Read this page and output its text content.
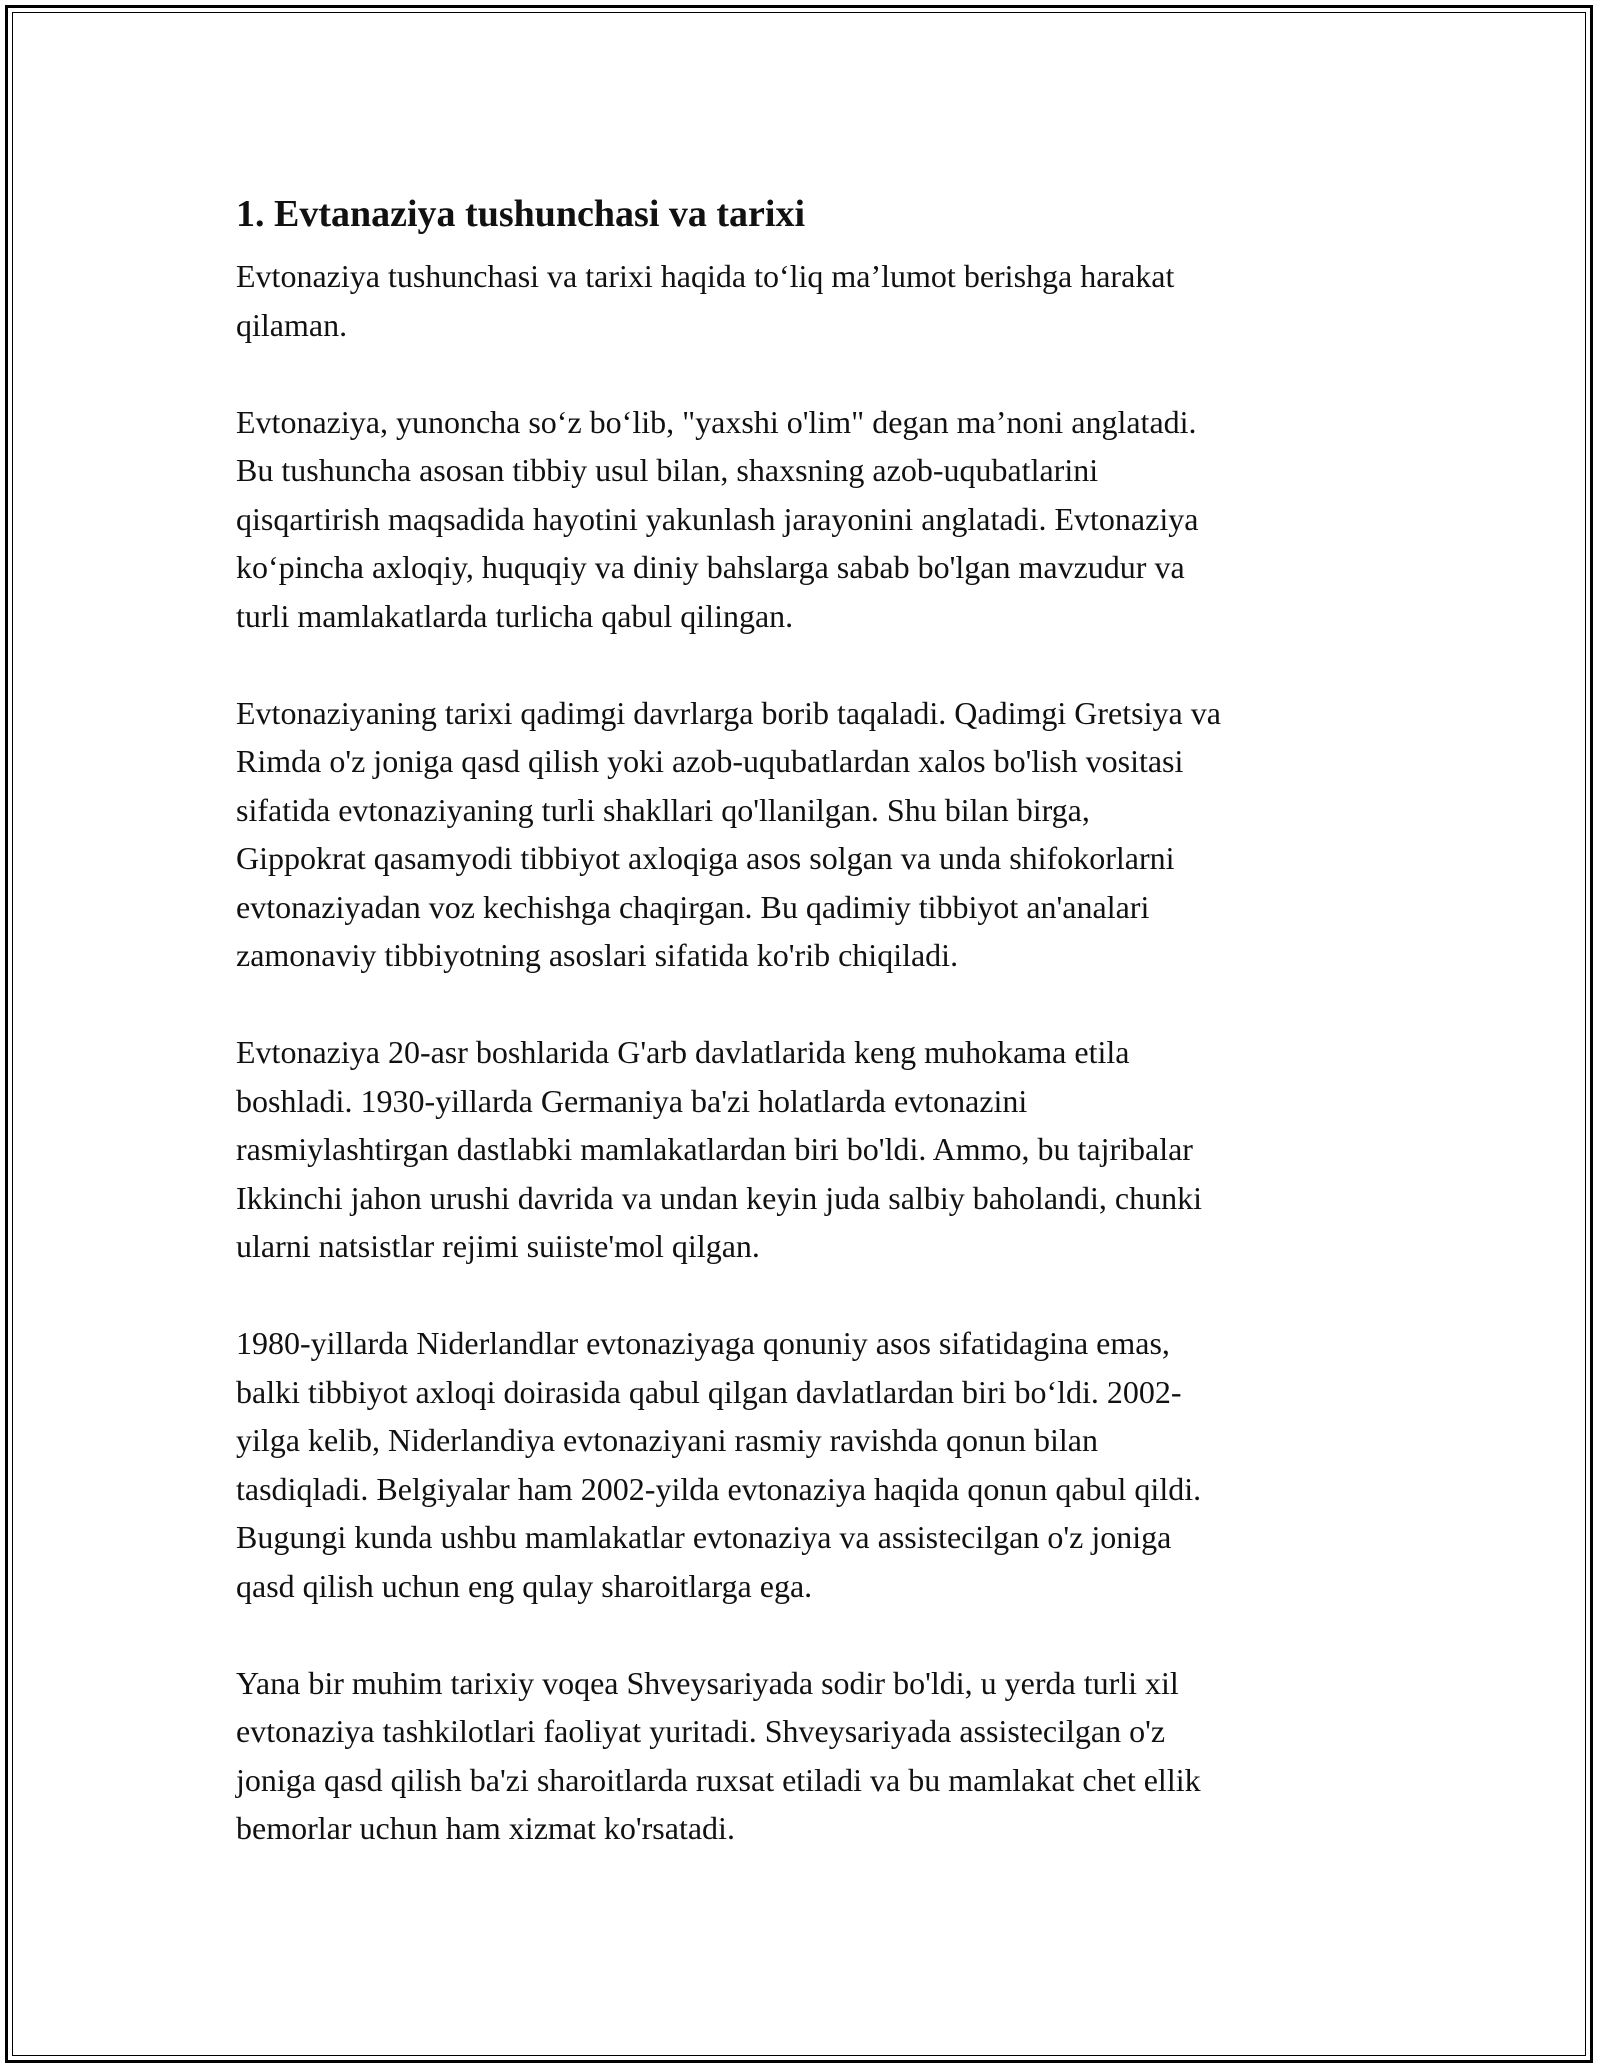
1. Evtanaziya tushunchasi va tarixi

Evtonaziya tushunchasi va tarixi haqida to‘liq ma’lumot berishga harakat
qilaman.

Evtonaziya, yunoncha so‘z bo‘lib, "yaxshi o'lim" degan ma’noni anglatadi.
Bu tushuncha asosan tibbiy usul bilan, shaxsning azob-uqubatlarini
qisqartirish maqsadida hayotini yakunlash jarayonini anglatadi. Evtonaziya
ko‘pincha axloqiy, huquqiy va diniy bahslarga sabab bo'lgan mavzudur va
turli mamlakatlarda turlicha qabul qilingan.

Evtonaziyaning tarixi qadimgi davrlarga borib taqaladi. Qadimgi Gretsiya va
Rimda o'z joniga qasd qilish yoki azob-uqubatlardan xalos bo'lish vositasi
sifatida evtonaziyaning turli shakllari qo'llanilgan. Shu bilan birga,
Gippokrat qasamyodi tibbiyot axloqiga asos solgan va unda shifokorlarni
evtonaziyadan voz kechishga chaqirgan. Bu qadimiy tibbiyot an'analari
zamonaviy tibbiyotning asoslari sifatida ko'rib chiqiladi.

Evtonaziya 20-asr boshlarida G'arb davlatlarida keng muhokama etila
boshladi. 1930-yillarda Germaniya ba'zi holatlarda evtonazini
rasmiylashtirgan dastlabki mamlakatlardan biri bo'ldi. Ammo, bu tajribalar
Ikkinchi jahon urushi davrida va undan keyin juda salbiy baholandi, chunki
ularni natsistlar rejimi suiiste'mol qilgan.

1980-yillarda Niderlandlar evtonaziyaga qonuniy asos sifatidagina emas,
balki tibbiyot axloqi doirasida qabul qilgan davlatlardan biri bo‘ldi. 2002-
yilga kelib, Niderlandiya evtonaziyani rasmiy ravishda qonun bilan
tasdiqladi. Belgiyalar ham 2002-yilda evtonaziya haqida qonun qabul qildi.
Bugungi kunda ushbu mamlakatlar evtonaziya va assistecilgan o'z joniga
qasd qilish uchun eng qulay sharoitlarga ega.

Yana bir muhim tarixiy voqea Shveysariyada sodir bo'ldi, u yerda turli xil
evtonaziya tashkilotlari faoliyat yuritadi. Shveysariyada assistecilgan o'z
joniga qasd qilish ba'zi sharoitlarda ruxsat etiladi va bu mamlakat chet ellik
bemorlar uchun ham xizmat ko'rsatadi.
